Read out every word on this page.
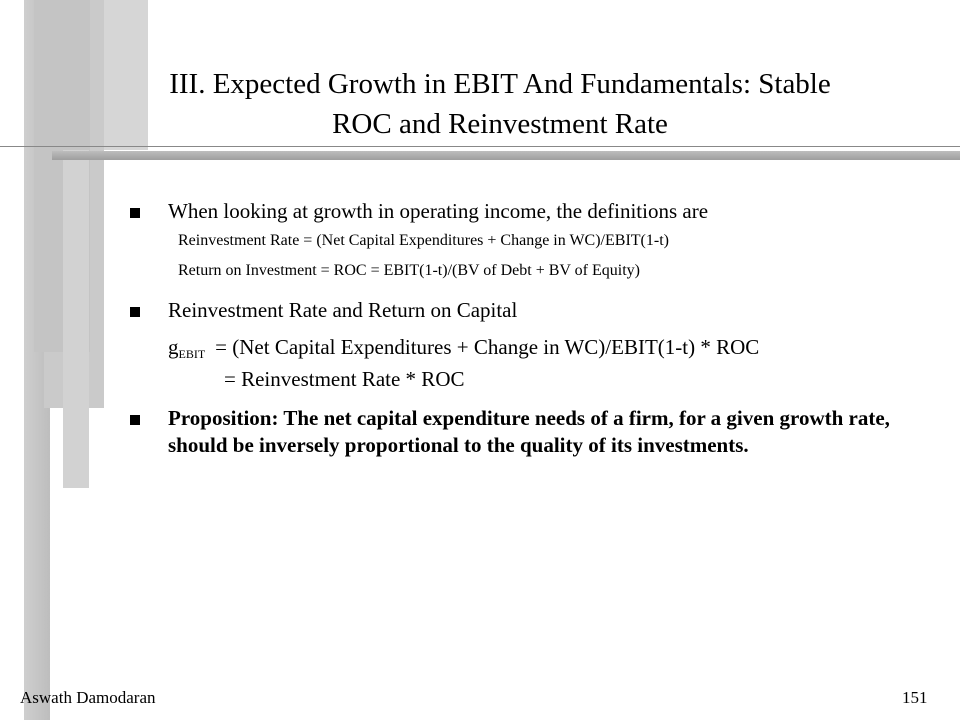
III. Expected Growth in EBIT And Fundamentals: Stable
ROC and Reinvestment Rate
When looking at growth in operating income, the definitions are
Reinvestment Rate = (Net Capital Expenditures + Change in WC)/EBIT(1-t)
Return on Investment = ROC = EBIT(1-t)/(BV of Debt + BV of Equity)
Reinvestment Rate and Return on Capital
$g_{EBIT} = (Net$ Capital Expenditures + Change in WC)/EBIT(1-t) * ROC
= Reinvestment Rate * ROC
Proposition: The net capital expenditure needs of a firm, for a given growth rate, should be inversely proportional to the quality of its investments.
Aswath Damodaran	151
